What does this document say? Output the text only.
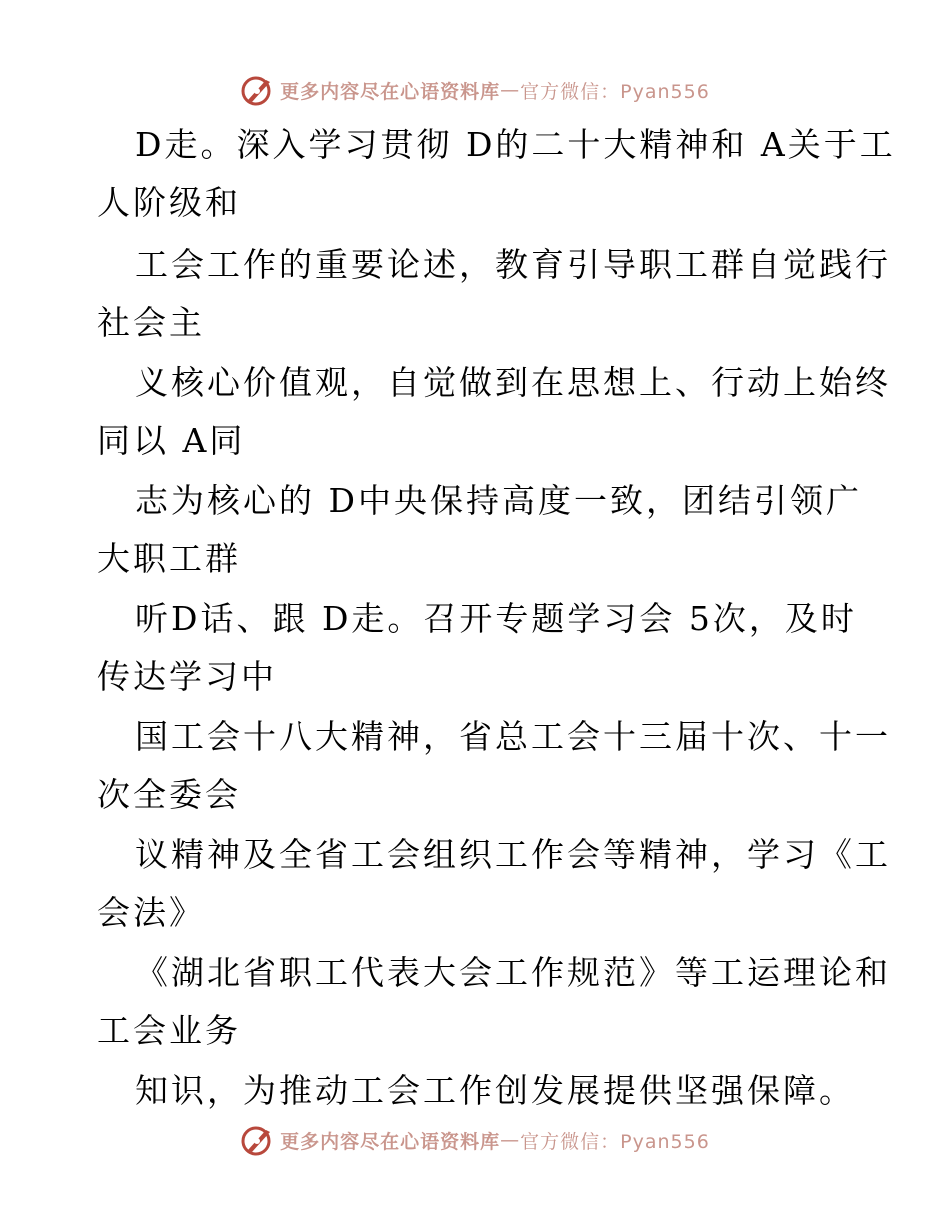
更多内容尽在心语资料库 — 官方微信：Pyan556
D走。深入学习贯彻 D的二十大精神和 A关于工
人阶级和
工会工作的重要论述，教育引导职工群自觉践行
社会主
义核心价值观，自觉做到在思想上、行动上始终
同以 A同
志为核心的 D中央保持高度一致，团结引领广
大职工群
听D话、跟 D走。召开专题学习会 5次，及时
传达学习中
国工会十八大精神，省总工会十三届十次、十一
次全委会
议精神及全省工会组织工作会等精神，学习《工
会法》
《湖北省职工代表大会工作规范》等工运理论和
工会业务
知识，为推动工会工作创发展提供坚强保障。
更多内容尽在心语资料库 — 官方微信：Pyan556
